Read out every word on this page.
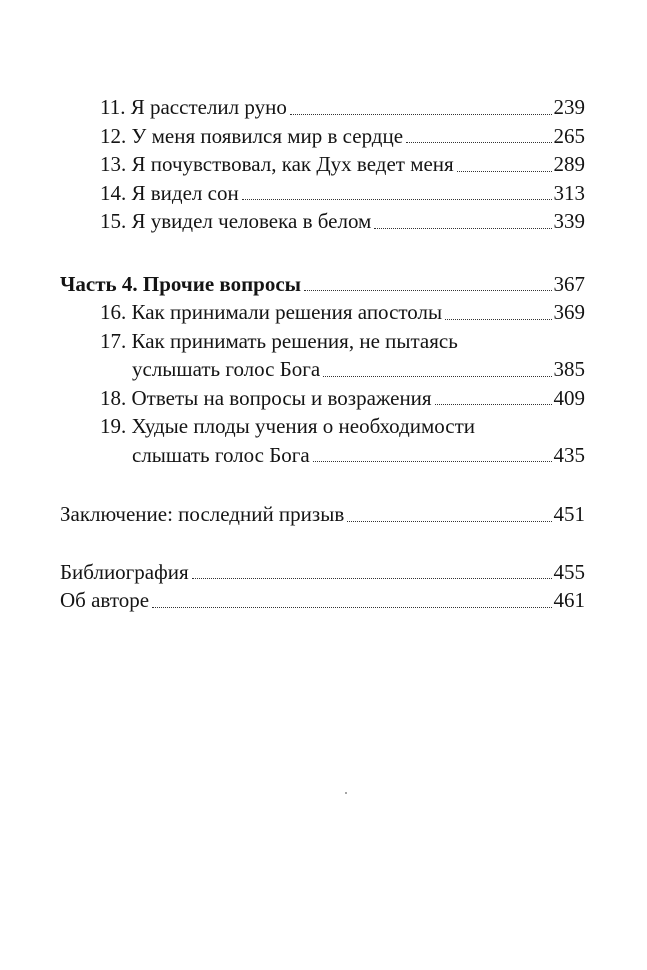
11. Я расстелил руно	239
12. У меня появился мир в сердце	265
13. Я почувствовал, как Дух ведет меня	289
14. Я видел сон	313
15. Я увидел человека в белом	339
Часть 4. Прочие вопросы	367
16. Как принимали решения апостолы	369
17. Как принимать решения, не пытаясь
услышать голос Бога	385
18. Ответы на вопросы и возражения	409
19. Худые плоды учения о необходимости
слышать голос Бога	435
Заключение: последний призыв	451
Библиография	455
Об авторе	461
